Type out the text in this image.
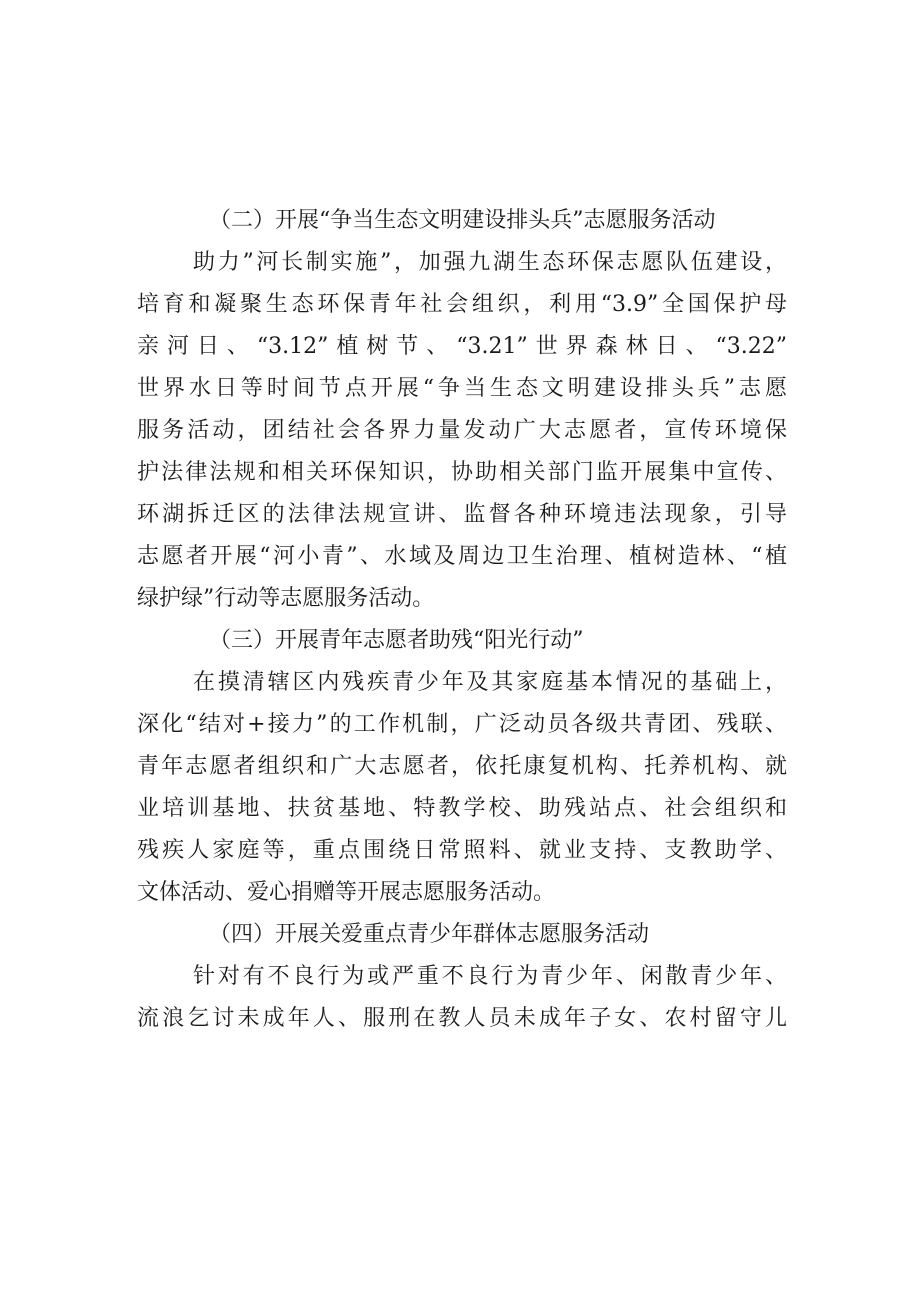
（二）开展“争当生态文明建设排头兵”志愿服务活动
助力”河长制实施”，加强九湖生态环保志愿队伍建设，
培育和凝聚生态环保青年社会组织，利用“3.9”全国保护母
亲河日、“3.12”植树节、“3.21”世界森林日、“3.22”
世界水日等时间节点开展“争当生态文明建设排头兵”志愿
服务活动，团结社会各界力量发动广大志愿者，宣传环境保
护法律法规和相关环保知识，协助相关部门监开展集中宣传、
环湖拆迁区的法律法规宣讲、监督各种环境违法现象，引导
志愿者开展“河小青”、水域及周边卫生治理、植树造林、“植
绿护绿”行动等志愿服务活动。
（三）开展青年志愿者助残“阳光行动”
在摸清辖区内残疾青少年及其家庭基本情况的基础上，
深化“结对+接力”的工作机制，广泛动员各级共青团、残联、
青年志愿者组织和广大志愿者，依托康复机构、托养机构、就
业培训基地、扶贫基地、特教学校、助残站点、社会组织和
残疾人家庭等，重点围绕日常照料、就业支持、支教助学、
文体活动、爱心捐赠等开展志愿服务活动。
（四）开展关爱重点青少年群体志愿服务活动
针对有不良行为或严重不良行为青少年、闲散青少年、
流浪乞讨未成年人、服刑在教人员未成年子女、农村留守儿
